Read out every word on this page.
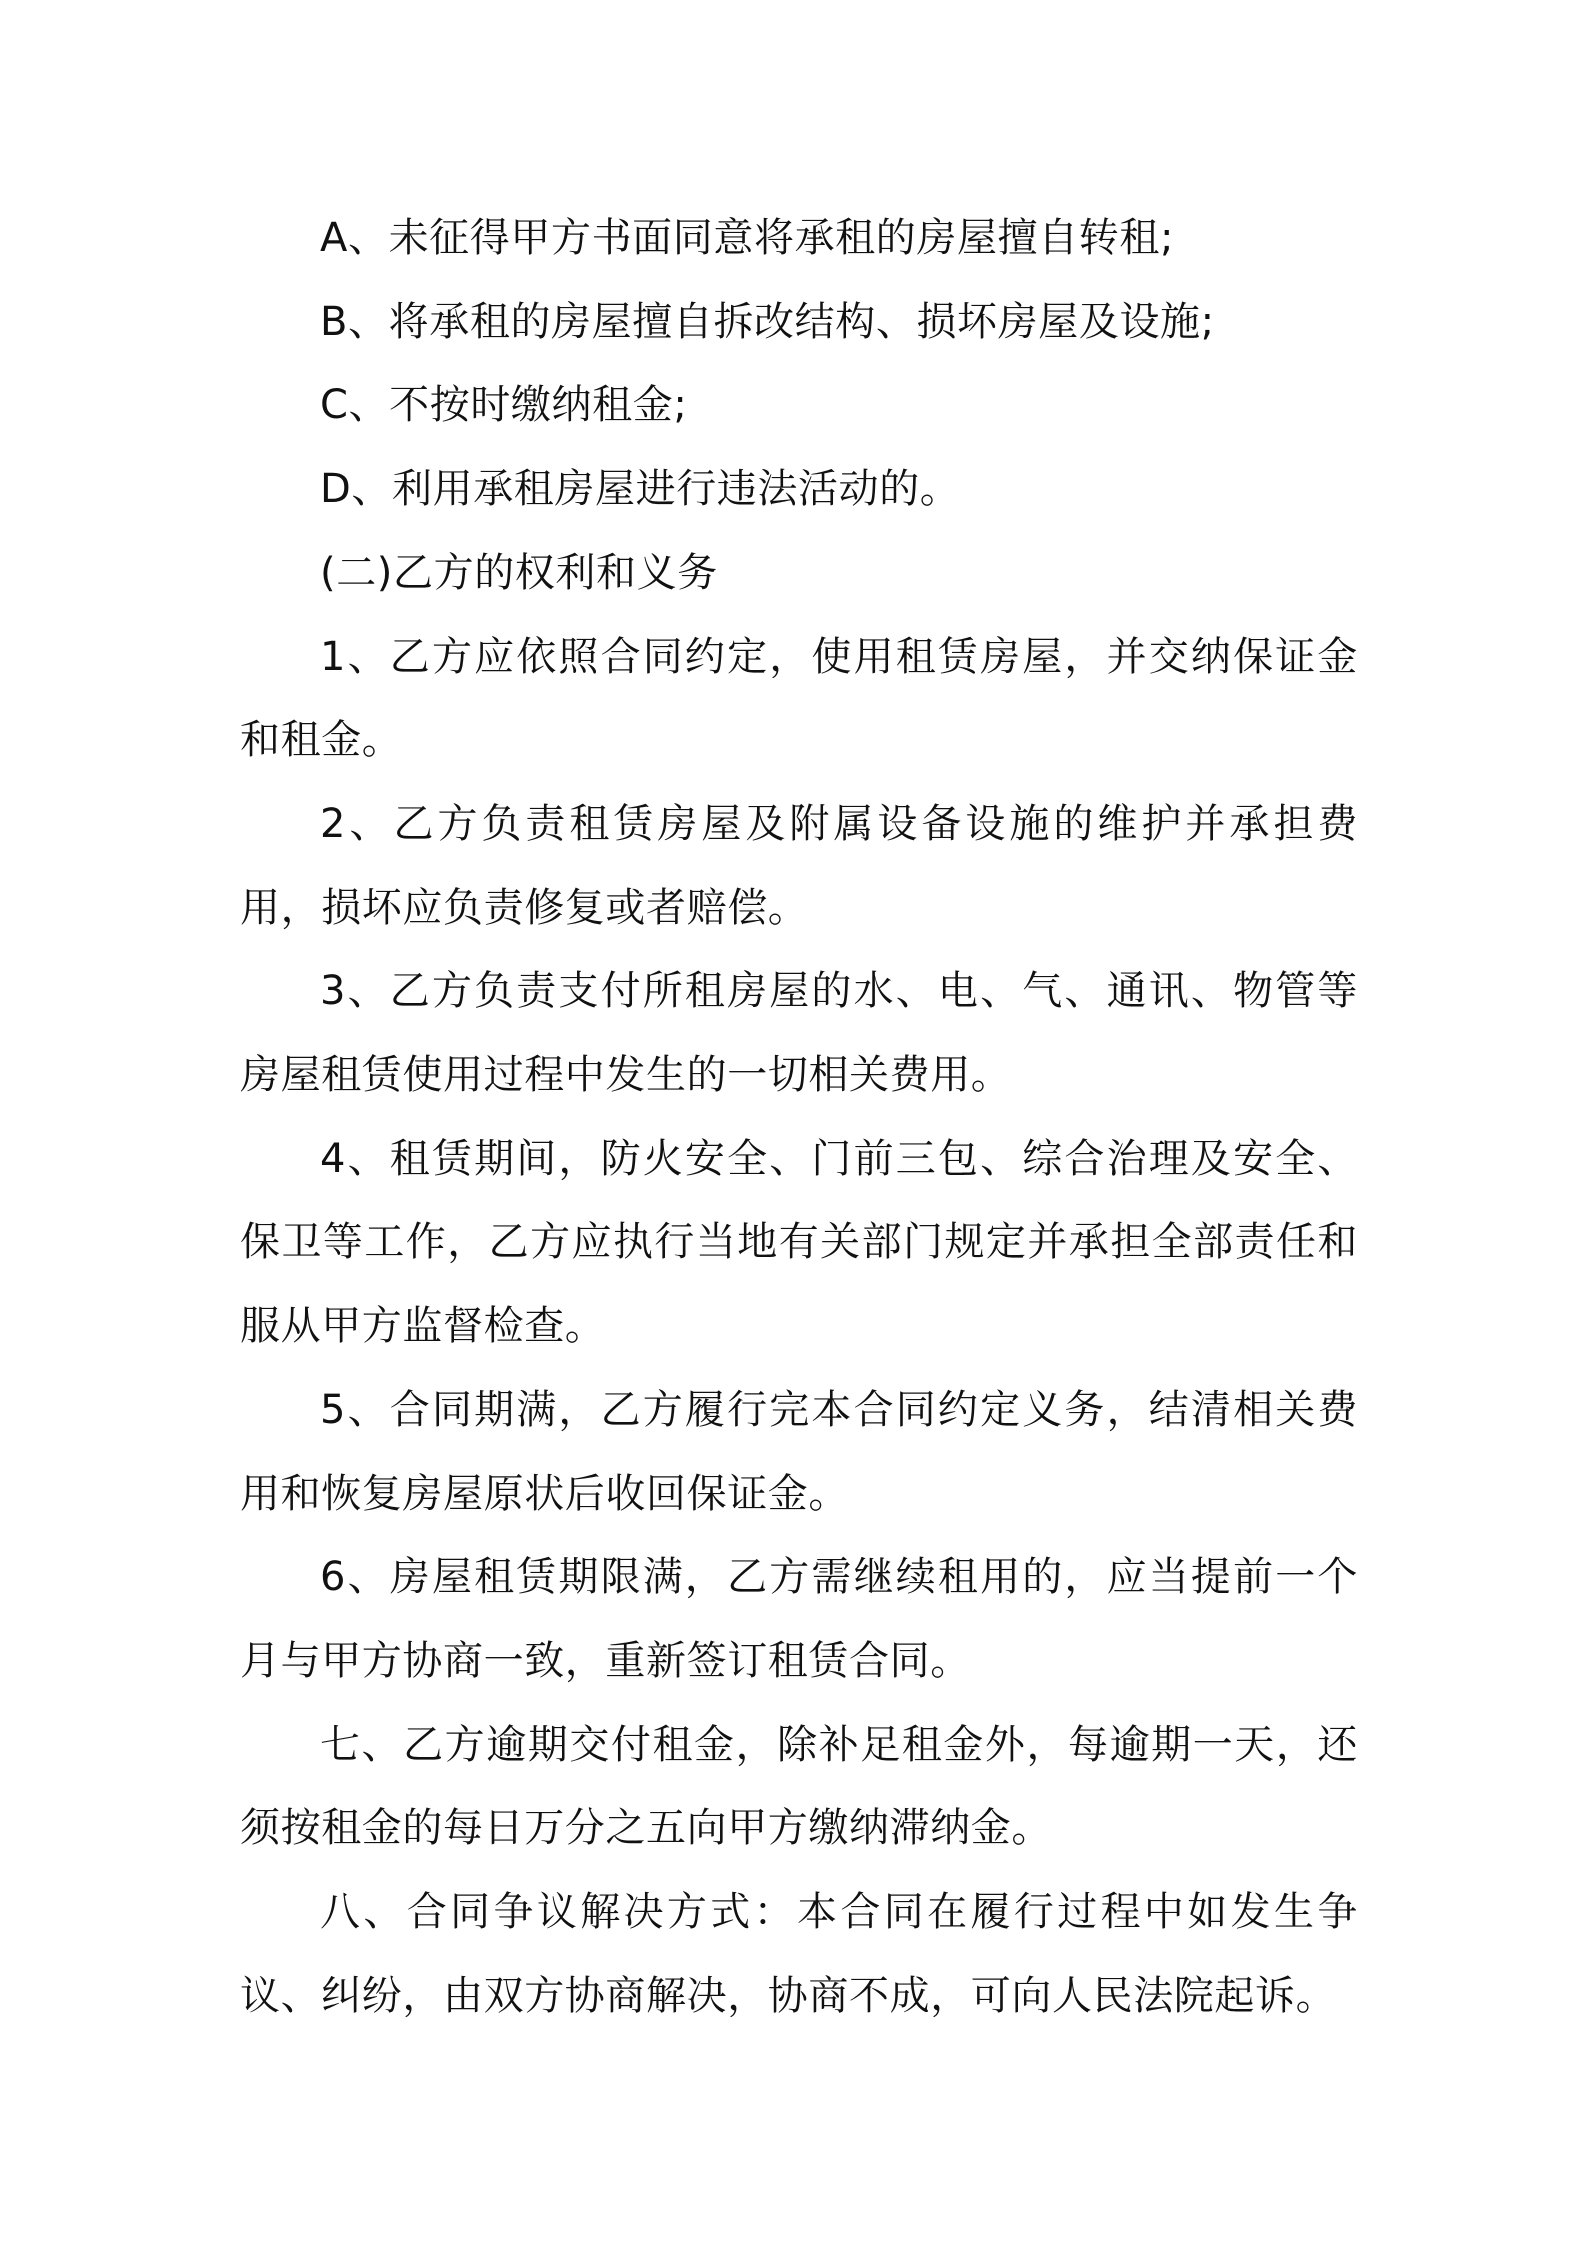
A、未征得甲方书面同意将承租的房屋擅自转租;

B、将承租的房屋擅自拆改结构、损坏房屋及设施;

C、不按时缴纳租金;

D、利用承租房屋进行违法活动的。

(二)乙方的权利和义务

1、乙方应依照合同约定，使用租赁房屋，并交纳保证金和租金。

2、乙方负责租赁房屋及附属设备设施的维护并承担费用，损坏应负责修复或者赔偿。

3、乙方负责支付所租房屋的水、电、气、通讯、物管等房屋租赁使用过程中发生的一切相关费用。

4、租赁期间，防火安全、门前三包、综合治理及安全、保卫等工作，乙方应执行当地有关部门规定并承担全部责任和服从甲方监督检查。

5、合同期满，乙方履行完本合同约定义务，结清相关费用和恢复房屋原状后收回保证金。

6、房屋租赁期限满，乙方需继续租用的，应当提前一个月与甲方协商一致，重新签订租赁合同。

七、乙方逾期交付租金，除补足租金外，每逾期一天，还须按租金的每日万分之五向甲方缴纳滞纳金。

八、合同争议解决方式：本合同在履行过程中如发生争议、纠纷，由双方协商解决，协商不成，可向人民法院起诉。
